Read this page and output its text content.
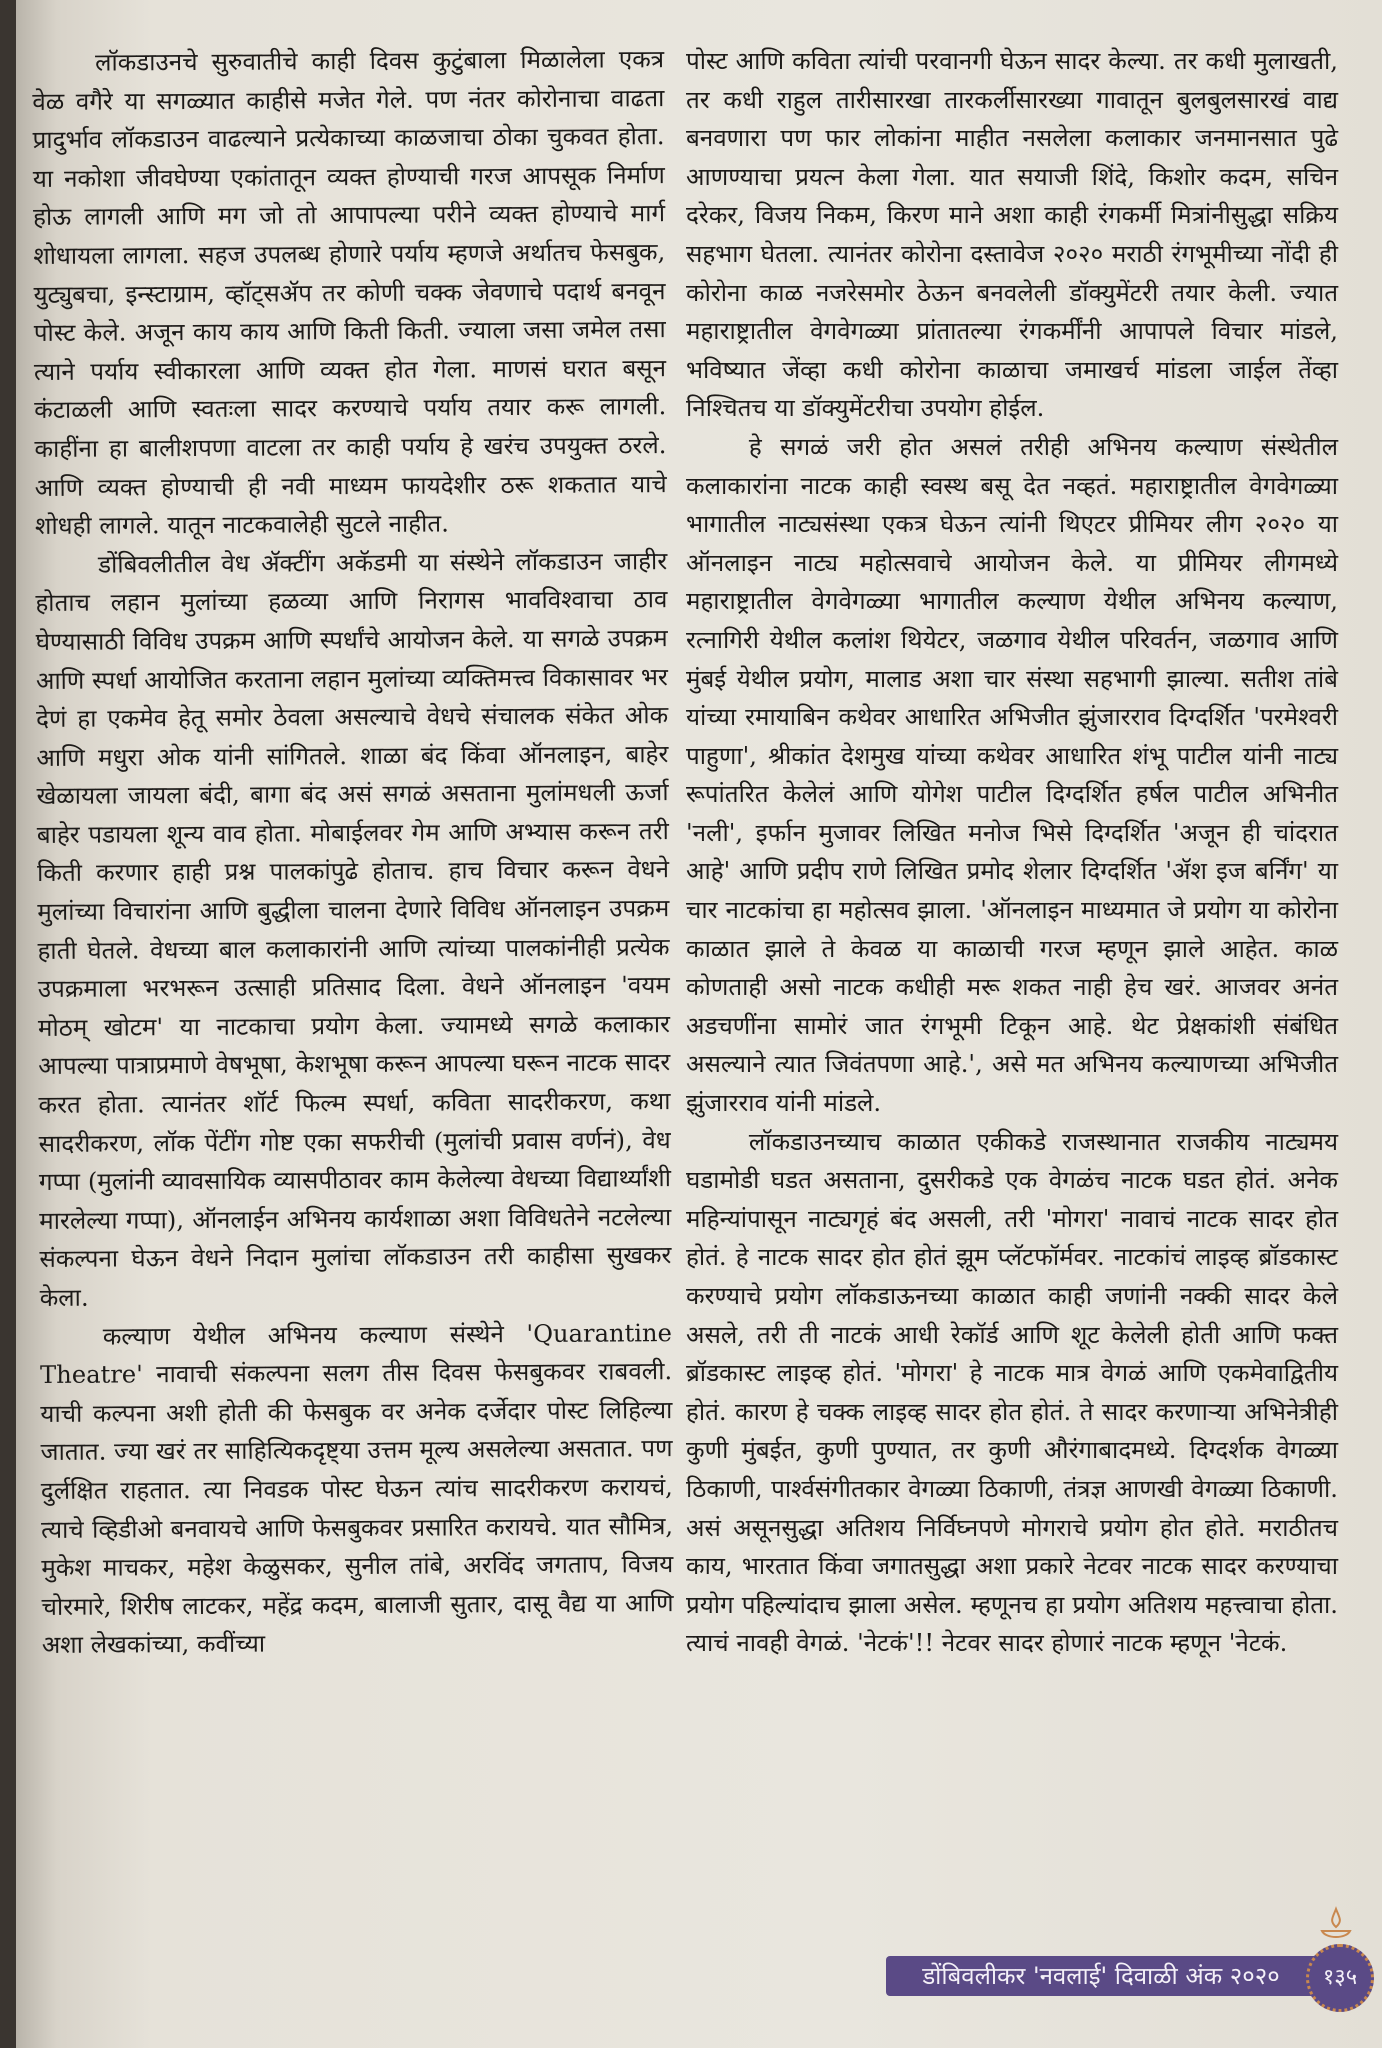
लॉकडाउनचे सुरुवातीचे काही दिवस कुटुंबाला मिळालेला एकत्र वेळ वगैरे या सगळ्यात काहीसे मजेत गेले. पण नंतर कोरोनाचा वाढता प्रादुर्भाव लॉकडाउन वाढल्याने प्रत्येकाच्या काळजाचा ठोका चुकवत होता. या नकोशा जीवघेण्या एकांतातून व्यक्त होण्याची गरज आपसूक निर्माण होऊ लागली आणि मग जो तो आपापल्या परीने व्यक्त होण्याचे मार्ग शोधायला लागला. सहज उपलब्ध होणारे पर्याय म्हणजे अर्थातच फेसबुक, युट्युबचा, इन्स्टाग्राम, व्हॉट्सॲप तर कोणी चक्क जेवणाचे पदार्थ बनवून पोस्ट केले. अजून काय काय आणि किती किती. ज्याला जसा जमेल तसा त्याने पर्याय स्वीकारला आणि व्यक्त होत गेला. माणसं घरात बसून कंटाळली आणि स्वतःला सादर करण्याचे पर्याय तयार करू लागली. काहींना हा बालीशपणा वाटला तर काही पर्याय हे खरंच उपयुक्त ठरले. आणि व्यक्त होण्याची ही नवी माध्यम फायदेशीर ठरू शकतात याचे शोधही लागले. यातून नाटकवालेही सुटले नाहीत.

डोंबिवलीतील वेध ॲक्टींग अकॅडमी या संस्थेने लॉकडाउन जाहीर होताच लहान मुलांच्या हळव्या आणि निरागस भावविश्वाचा ठाव घेण्यासाठी विविध उपक्रम आणि स्पर्धांचे आयोजन केले. या सगळे उपक्रम आणि स्पर्धा आयोजित करताना लहान मुलांच्या व्यक्तिमत्त्व विकासावर भर देणं हा एकमेव हेतू समोर ठेवला असल्याचे वेधचे संचालक संकेत ओक आणि मधुरा ओक यांनी सांगितले. शाळा बंद किंवा ऑनलाइन, बाहेर खेळायला जायला बंदी, बागा बंद असं सगळं असताना मुलांमधली ऊर्जा बाहेर पडायला शून्य वाव होता. मोबाईलवर गेम आणि अभ्यास करून तरी किती करणार हाही प्रश्न पालकांपुढे होताच. हाच विचार करून वेधने मुलांच्या विचारांना आणि बुद्धीला चालना देणारे विविध ऑनलाइन उपक्रम हाती घेतले. वेधच्या बाल कलाकारांनी आणि त्यांच्या पालकांनीही प्रत्येक उपक्रमाला भरभरून उत्साही प्रतिसाद दिला. वेधने ऑनलाइन 'वयम मोठम् खोटम' या नाटकाचा प्रयोग केला. ज्यामध्ये सगळे कलाकार आपल्या पात्राप्रमाणे वेषभूषा, केशभूषा करून आपल्या घरून नाटक सादर करत होता. त्यानंतर शॉर्ट फिल्म स्पर्धा, कविता सादरीकरण, कथा सादरीकरण, लॉक पेंटींग गोष्ट एका सफरीची (मुलांची प्रवास वर्णनं), वेध गप्पा (मुलांनी व्यावसायिक व्यासपीठावर काम केलेल्या वेधच्या विद्यार्थ्यांशी मारलेल्या गप्पा), ऑनलाईन अभिनय कार्यशाळा अशा विविधतेने नटलेल्या संकल्पना घेऊन वेधने निदान मुलांचा लॉकडाउन तरी काहीसा सुखकर केला.

कल्याण येथील अभिनय कल्याण संस्थेने 'Quarantine Theatre' नावाची संकल्पना सलग तीस दिवस फेसबुकवर राबवली. याची कल्पना अशी होती की फेसबुक वर अनेक दर्जेदार पोस्ट लिहिल्या जातात. ज्या खरं तर साहित्यिकदृष्ट्या उत्तम मूल्य असलेल्या असतात. पण दुर्लक्षित राहतात. त्या निवडक पोस्ट घेऊन त्यांच सादरीकरण करायचं, त्याचे व्हिडीओ बनवायचे आणि फेसबुकवर प्रसारित करायचे. यात सौमित्र, मुकेश माचकर, महेश केळुसकर, सुनील तांबे, अरविंद जगताप, विजय चोरमारे, शिरीष लाटकर, महेंद्र कदम, बालाजी सुतार, दासू वैद्य या आणि अशा लेखकांच्या, कवींच्या

पोस्ट आणि कविता त्यांची परवानगी घेऊन सादर केल्या. तर कधी मुलाखती, तर कधी राहुल तारीसारखा तारकर्लीसारख्या गावातून बुलबुलसारखं वाद्य बनवणारा पण फार लोकांना माहीत नसलेला कलाकार जनमानसात पुढे आणण्याचा प्रयत्न केला गेला. यात सयाजी शिंदे, किशोर कदम, सचिन दरेकर, विजय निकम, किरण माने अशा काही रंगकर्मी मित्रांनीसुद्धा सक्रिय सहभाग घेतला. त्यानंतर कोरोना दस्तावेज २०२० मराठी रंगभूमीच्या नोंदी ही कोरोना काळ नजरेसमोर ठेऊन बनवलेली डॉक्युमेंटरी तयार केली. ज्यात महाराष्ट्रातील वेगवेगळ्या प्रांतातल्या रंगकर्मींनी आपापले विचार मांडले, भविष्यात जेंव्हा कधी कोरोना काळाचा जमाखर्च मांडला जाईल तेंव्हा निश्चितच या डॉक्युमेंटरीचा उपयोग होईल.

हे सगळं जरी होत असलं तरीही अभिनय कल्याण संस्थेतील कलाकारांना नाटक काही स्वस्थ बसू देत नव्हतं. महाराष्ट्रातील वेगवेगळ्या भागातील नाट्यसंस्था एकत्र घेऊन त्यांनी थिएटर प्रीमियर लीग २०२० या ऑनलाइन नाट्य महोत्सवाचे आयोजन केले. या प्रीमियर लीगमध्ये महाराष्ट्रातील वेगवेगळ्या भागातील कल्याण येथील अभिनय कल्याण, रत्नागिरी येथील कलांश थियेटर, जळगाव येथील परिवर्तन, जळगाव आणि मुंबई येथील प्रयोग, मालाड अशा चार संस्था सहभागी झाल्या. सतीश तांबे यांच्या रमायाबिन कथेवर आधारित अभिजीत झुंजारराव दिग्दर्शित 'परमेश्वरी पाहुणा', श्रीकांत देशमुख यांच्या कथेवर आधारित शंभू पाटील यांनी नाट्य रूपांतरित केलेलं आणि योगेश पाटील दिग्दर्शित हर्षल पाटील अभिनीत 'नली', इर्फान मुजावर लिखित मनोज भिसे दिग्दर्शित 'अजून ही चांदरात आहे' आणि प्रदीप राणे लिखित प्रमोद शेलार दिग्दर्शित 'ॲश इज बर्निंग' या चार नाटकांचा हा महोत्सव झाला. 'ऑनलाइन माध्यमात जे प्रयोग या कोरोना काळात झाले ते केवळ या काळाची गरज म्हणून झाले आहेत. काळ कोणताही असो नाटक कधीही मरू शकत नाही हेच खरं. आजवर अनंत अडचणींना सामोरं जात रंगभूमी टिकून आहे. थेट प्रेक्षकांशी संबंधित असल्याने त्यात जिवंतपणा आहे.', असे मत अभिनय कल्याणच्या अभिजीत झुंजारराव यांनी मांडले.

लॉकडाउनच्याच काळात एकीकडे राजस्थानात राजकीय नाट्यमय घडामोडी घडत असताना, दुसरीकडे एक वेगळंच नाटक घडत होतं. अनेक महिन्यांपासून नाट्यगृहं बंद असली, तरी 'मोगरा' नावाचं नाटक सादर होत होतं. हे नाटक सादर होत होतं झूम प्लॅटफॉर्मवर. नाटकांचं लाइव्ह ब्रॉडकास्ट करण्याचे प्रयोग लॉकडाऊनच्या काळात काही जणांनी नक्की सादर केले असले, तरी ती नाटकं आधी रेकॉर्ड आणि शूट केलेली होती आणि फक्त ब्रॉडकास्ट लाइव्ह होतं. 'मोगरा' हे नाटक मात्र वेगळं आणि एकमेवाद्वितीय होतं. कारण हे चक्क लाइव्ह सादर होत होतं. ते सादर करणाऱ्या अभिनेत्रीही कुणी मुंबईत, कुणी पुण्यात, तर कुणी औरंगाबादमध्ये. दिग्दर्शक वेगळ्या ठिकाणी, पार्श्वसंगीतकार वेगळ्या ठिकाणी, तंत्रज्ञ आणखी वेगळ्या ठिकाणी. असं असूनसुद्धा अतिशय निर्विघ्नपणे मोगराचे प्रयोग होत होते. मराठीतच काय, भारतात किंवा जगातसुद्धा अशा प्रकारे नेटवर नाटक सादर करण्याचा प्रयोग पहिल्यांदाच झाला असेल. म्हणूनच हा प्रयोग अतिशय महत्त्वाचा होता. त्याचं नावही वेगळं. 'नेटकं'!! नेटवर सादर होणारं नाटक म्हणून 'नेटकं.

डोंबिवलीकर 'नवलाई' दिवाळी अंक २०२०	१३५
